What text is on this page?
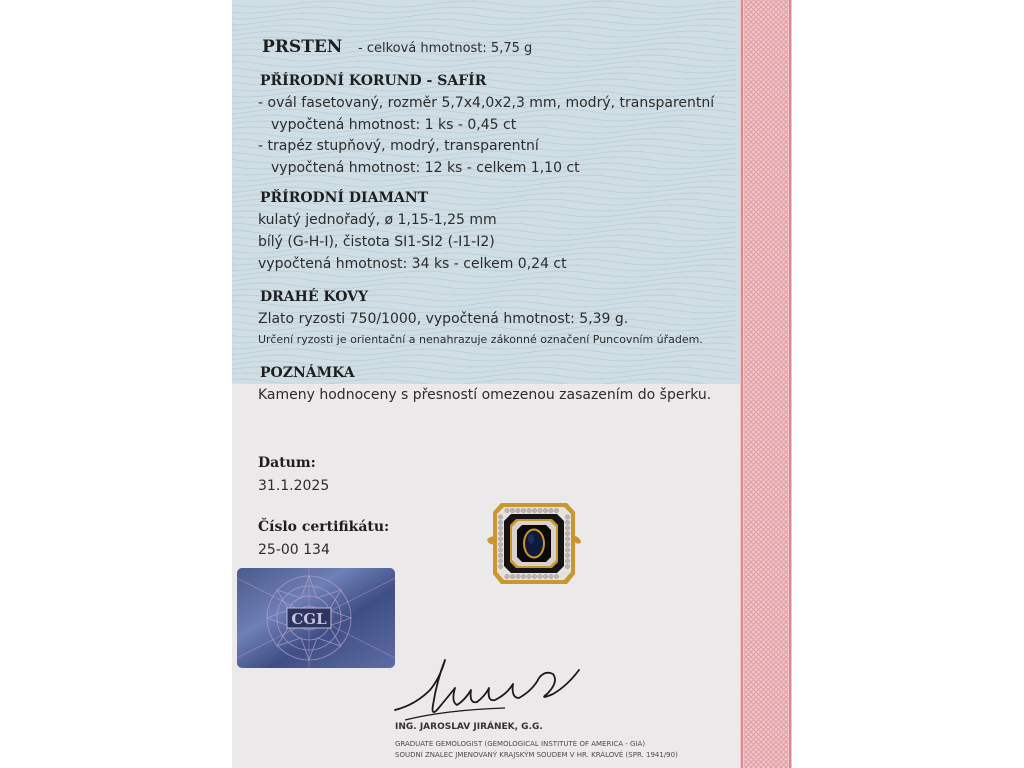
PRSTEN - celková hmotnost: 5,75 g
PŘÍRODNÍ KORUND - SAFÍR
- ovál fasetovaný, rozměr 5,7x4,0x2,3 mm, modrý, transparentní
vypočtená hmotnost: 1 ks - 0,45 ct
- trapéz stupňový, modrý, transparentní
vypočtená hmotnost: 12 ks - celkem 1,10 ct
PŘÍRODNÍ DIAMANT
kulatý jednořadý, ø 1,15-1,25 mm
bílý (G-H-I), čistota SI1-SI2 (-I1-I2)
vypočtená hmotnost: 34 ks - celkem 0,24 ct
DRAHÉ KOVY
Zlato ryzosti 750/1000, vypočtená hmotnost: 5,39 g.
Určení ryzosti je orientační a nenahrazuje zákonné označení Puncovním úřadem.
POZNÁMKA
Kameny hodnoceny s přesností omezenou zasazením do šperku.
Datum:
31.1.2025
Číslo certifikátu:
25-00 134
CGL
ING. JAROSLAV JIRÁNEK, G.G.
GRADUATE GEMOLOGIST (GEMOLOGICAL INSTITUTE OF AMERICA - GIA)
SOUDNÍ ZNALEC JMENOVANÝ KRAJSKÝM SOUDEM V HR. KRÁLOVÉ (SPR. 1941/90)
